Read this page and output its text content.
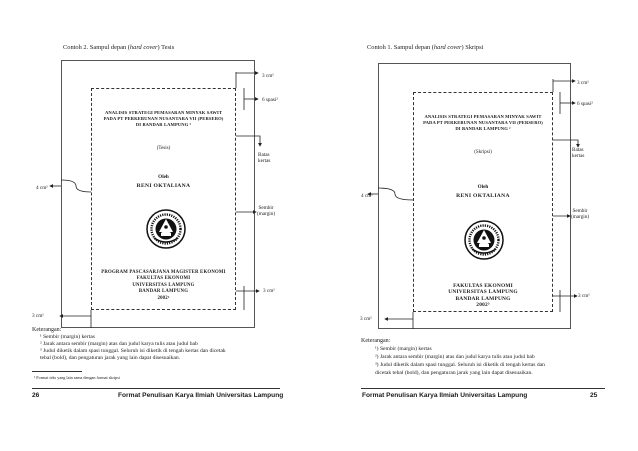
Contoh 2. Sampul depan (hard cover) Tesis
ANALISIS STRATEGI PEMASARAN MINYAK SAWIT
PADA PT PERKEBUNAN NUSANTARA VII (PERSERO)
DI BANDAR LAMPUNG ²
(Tesis)
Oleh
RENI OKTALIANA
PROGRAM PASCASARJANA MAGISTER EKONOMI
FAKULTAS EKONOMI
UNIVERSITAS LAMPUNG
BANDAR LAMPUNG
2002³
3 cm¹
6 spasi²
Batas
kertas
4 cm¹
Sembir
(margin)
3 cm¹
3 cm¹
Keterangan:
¹ Sembir (margin) kertas
² Jarak antara sembir (margin) atas dan judul karya tulis atau judul bab
³ Judul diketik dalam spasi tunggal. Seluruh isi diketik di tengah kertas dan dicetak
tebal (bold), dan pengaturan jarak yang lain dapat disesuaikan.
¹ Format teks yang lain sama dengan format skripsi
26	Format Penulisan Karya Ilmiah Universitas Lampung
Contoh 1. Sampul depan (hard cover) Skripsi
ANALISIS STRATEGI PEMASARAN MINYAK SAWIT
PADA PT PERKEBUNAN NUSANTARA VII (PERSERO)
DI BANDAR LAMPUNG ²
(Skripsi)
Oleh
RENI OKTALIANA
FAKULTAS EKONOMI
UNIVERSITAS LAMPUNG
BANDAR LAMPUNG
2002³
3 cm¹
6 spasi²
Batas
kertas
4 cm¹
Sembir
(margin)
3 cm¹
3 cm¹
Keterangan:
¹) Sembir (margin) kertas
²) Jarak antara sembir (margin) atas dan judul karya tulis atau judul bab
³) Judul diketik dalam spasi tunggal. Seluruh isi diketik di tengah kertas dan
dicetak tebal (bold), dan pengaturan jarak yang lain dapat disesuaikan.
Format Penulisan Karya Ilmiah Universitas Lampung	25
